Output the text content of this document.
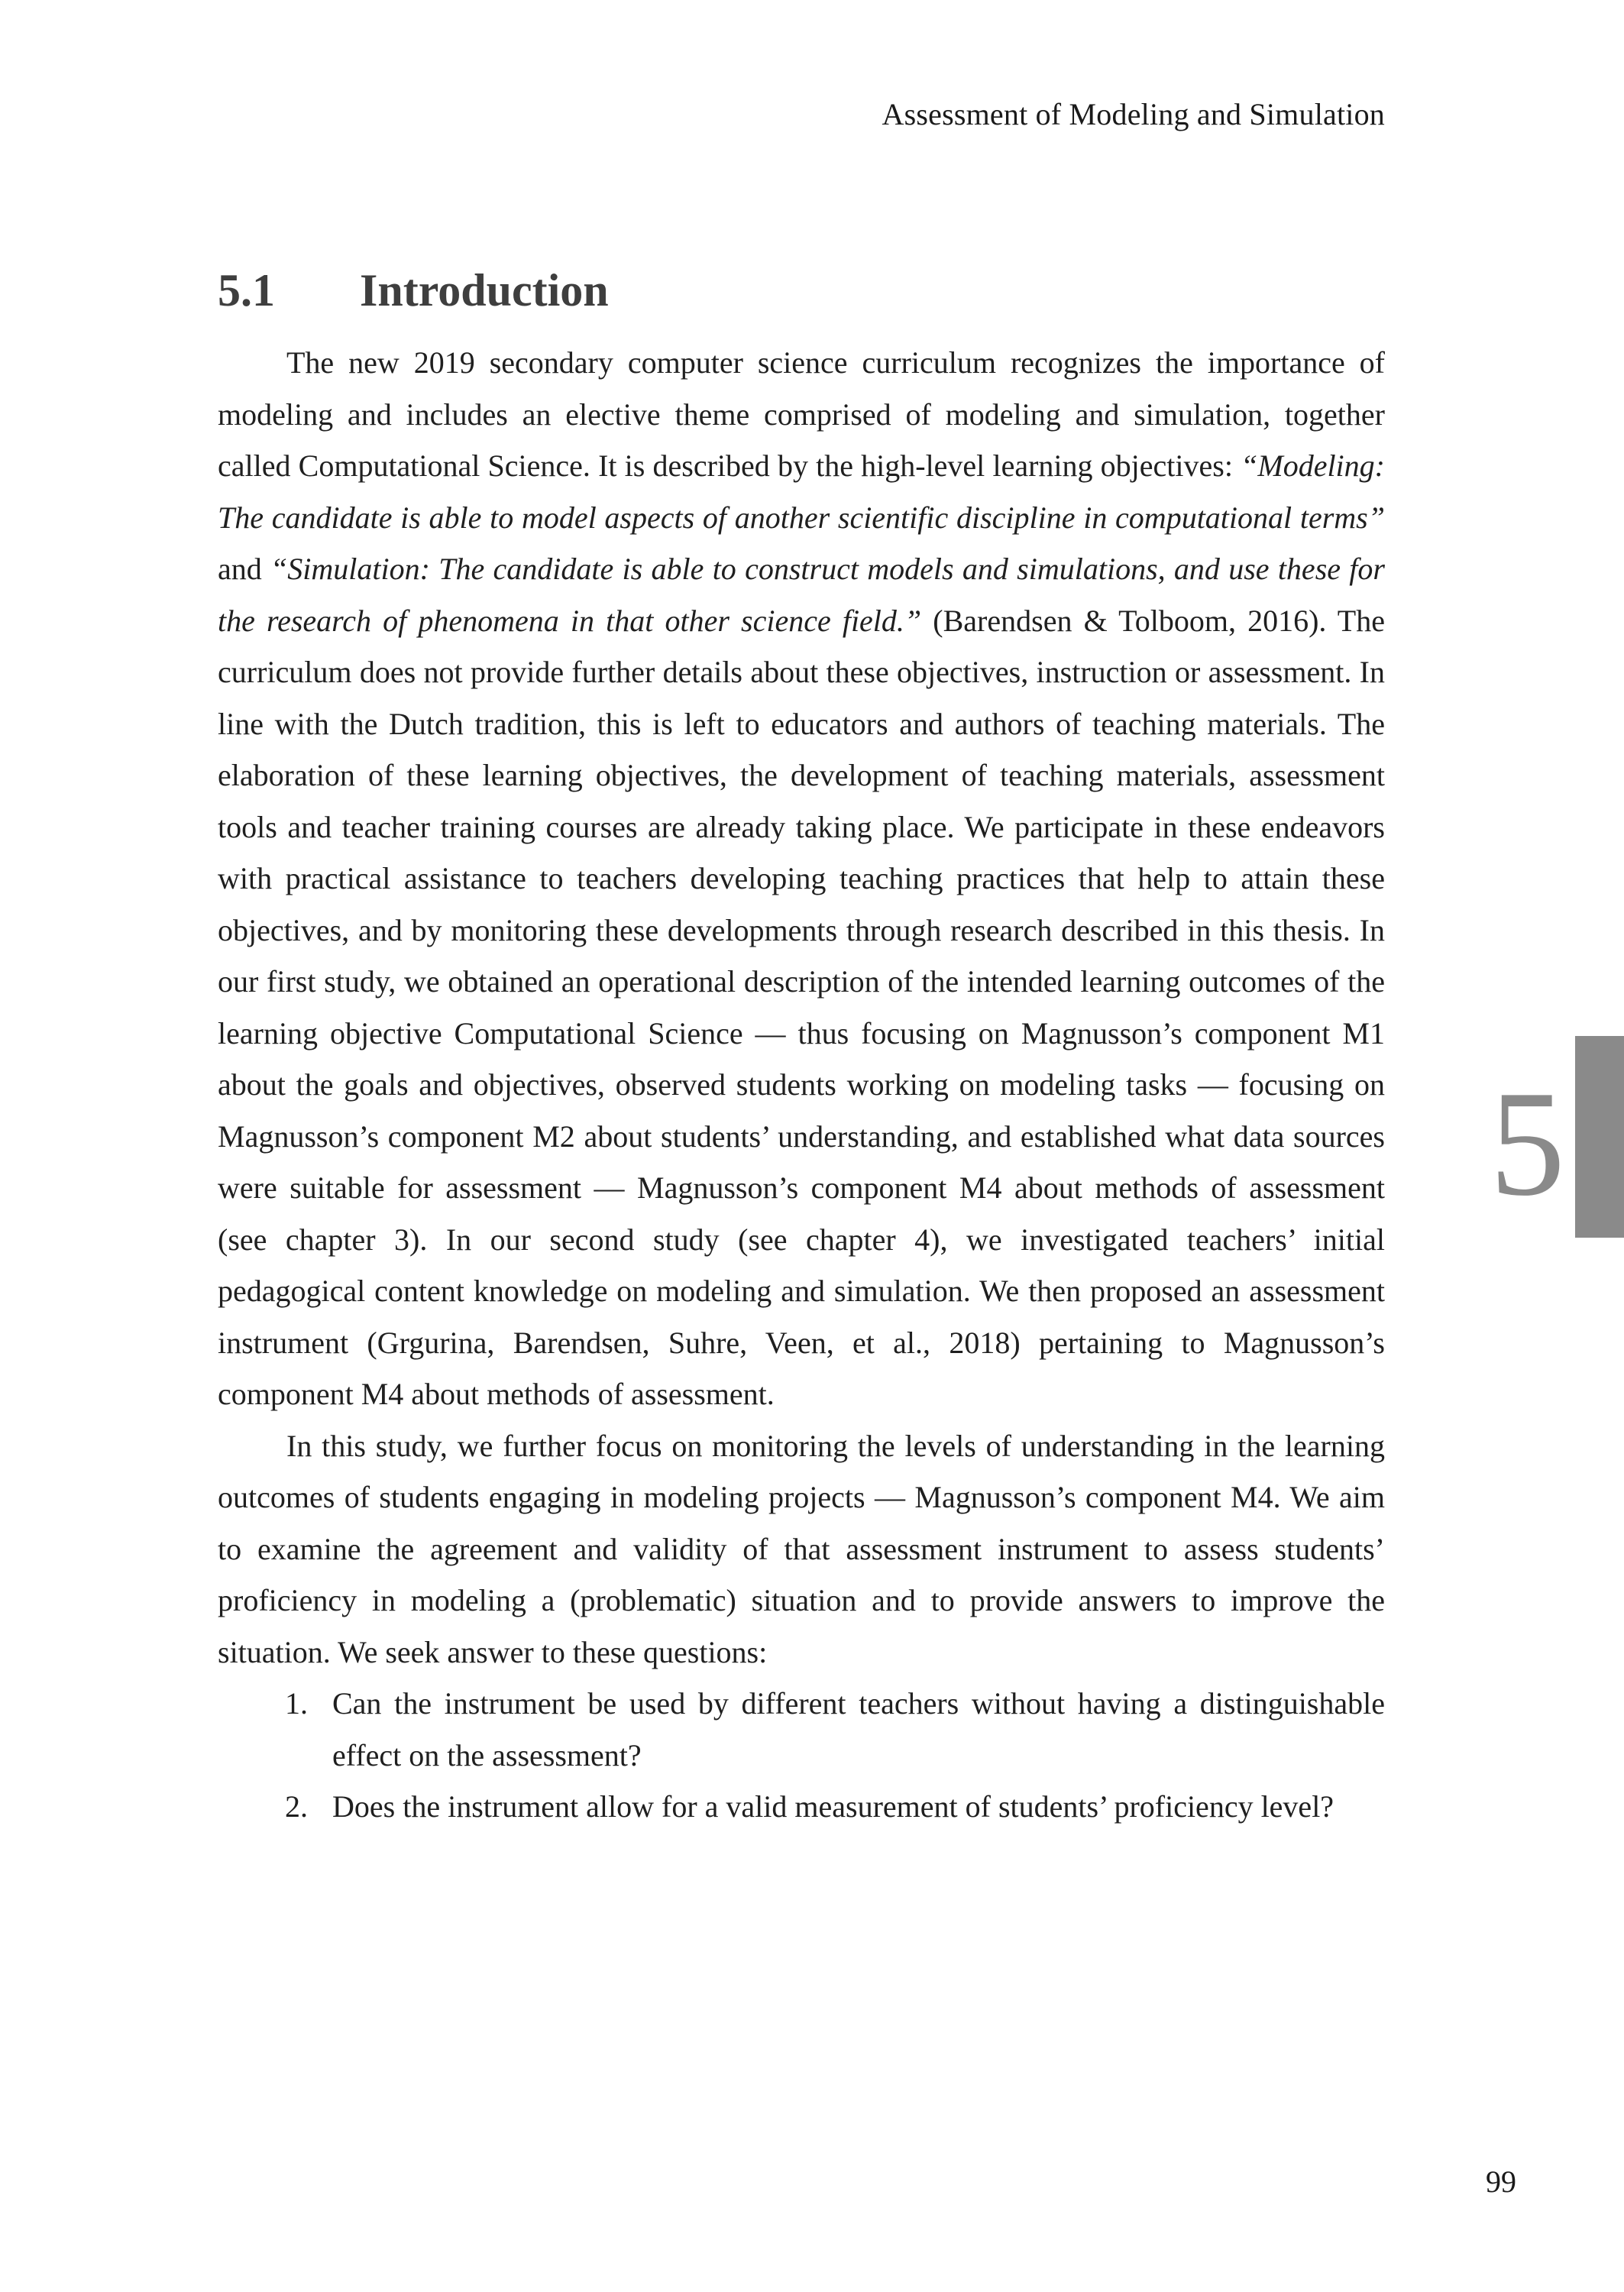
Assessment of Modeling and Simulation
5.1	Introduction

The new 2019 secondary computer science curriculum recognizes the importance of modeling and includes an elective theme comprised of modeling and simulation, together called Computational Science. It is described by the high-level learning objectives: “Modeling: The candidate is able to model aspects of another scientific discipline in computational terms” and “Simulation: The candidate is able to construct models and simulations, and use these for the research of phenomena in that other science field.” (Barendsen & Tolboom, 2016). The curriculum does not provide further details about these objectives, instruction or assessment. In line with the Dutch tradition, this is left to educators and authors of teaching materials. The elaboration of these learning objectives, the development of teaching materials, assessment tools and teacher training courses are already taking place. We participate in these endeavors with practical assistance to teachers developing teaching practices that help to attain these objectives, and by monitoring these developments through research described in this thesis. In our first study, we obtained an operational description of the intended learning outcomes of the learning objective Computational Science — thus focusing on Magnusson’s component M1 about the goals and objectives, observed students working on modeling tasks — focusing on Magnusson’s component M2 about students’ understanding, and established what data sources were suitable for assessment — Magnusson’s component M4 about methods of assessment (see chapter 3). In our second study (see chapter 4), we investigated teachers’ initial pedagogical content knowledge on modeling and simulation. We then proposed an assessment instrument (Grgurina, Barendsen, Suhre, Veen, et al., 2018) pertaining to Magnusson’s component M4 about methods of assessment.

In this study, we further focus on monitoring the levels of understanding in the learning outcomes of students engaging in modeling projects — Magnusson’s component M4. We aim to examine the agreement and validity of that assessment instrument to assess students’ proficiency in modeling a (problematic) situation and to provide answers to improve the situation. We seek answer to these questions:

1. Can the instrument be used by different teachers without having a distinguishable effect on the assessment?
2. Does the instrument allow for a valid measurement of students’ proficiency level?
5
99
